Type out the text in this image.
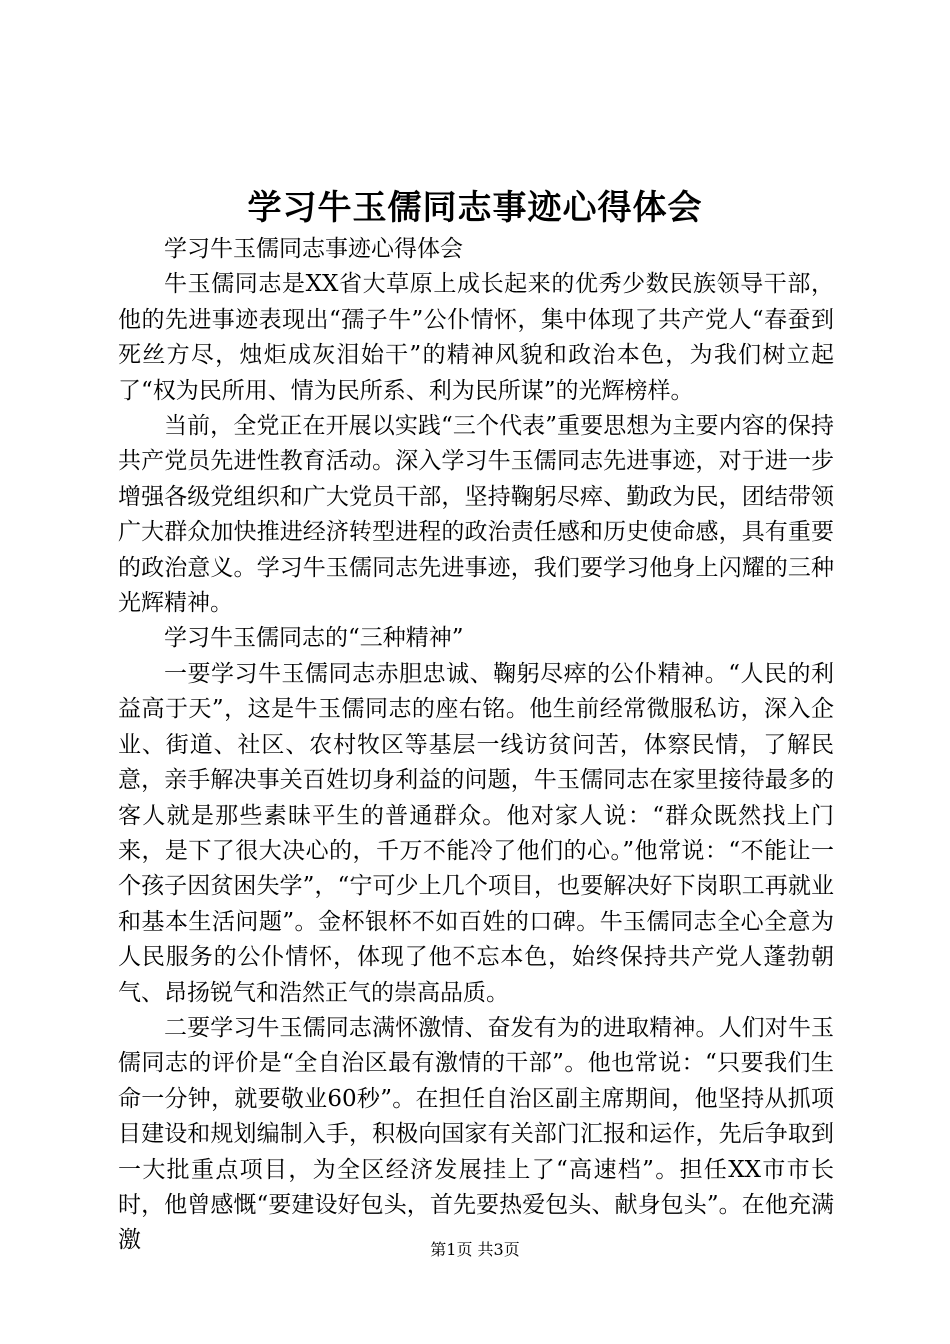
学习牛玉儒同志事迹心得体会

学习牛玉儒同志事迹心得体会

牛玉儒同志是XX省大草原上成长起来的优秀少数民族领导干部，他的先进事迹表现出“孺子牛”公仆情怀，集中体现了共产党人“春蚕到死丝方尽，烛炬成灰泪始干”的精神风貌和政治本色，为我们树立起了“权为民所用、情为民所系、利为民所谋”的光辉榜样。

当前，全党正在开展以实践“三个代表”重要思想为主要内容的保持共产党员先进性教育活动。深入学习牛玉儒同志先进事迹，对于进一步增强各级党组织和广大党员干部，坚持鞠躬尽瘁、勤政为民，团结带领广大群众加快推进经济转型进程的政治责任感和历史使命感，具有重要的政治意义。学习牛玉儒同志先进事迹，我们要学习他身上闪耀的三种光辉精神。

学习牛玉儒同志的“三种精神”

一要学习牛玉儒同志赤胆忠诚、鞠躬尽瘁的公仆精神。“人民的利益高于天”，这是牛玉儒同志的座右铭。他生前经常微服私访，深入企业、街道、社区、农村牧区等基层一线访贫问苦，体察民情，了解民意，亲手解决事关百姓切身利益的问题，牛玉儒同志在家里接待最多的客人就是那些素昧平生的普通群众。他对家人说：“群众既然找上门来，是下了很大决心的，千万不能冷了他们的心。”他常说：“不能让一个孩子因贫困失学”，“宁可少上几个项目，也要解决好下岗职工再就业和基本生活问题”。金杯银杯不如百姓的口碑。牛玉儒同志全心全意为人民服务的公仆情怀，体现了他不忘本色，始终保持共产党人蓬勃朝气、昂扬锐气和浩然正气的崇高品质。

二要学习牛玉儒同志满怀激情、奋发有为的进取精神。人们对牛玉儒同志的评价是“全自治区最有激情的干部”。他也常说：“只要我们生命一分钟，就要敬业60秒”。在担任自治区副主席期间，他坚持从抓项目建设和规划编制入手，积极向国家有关部门汇报和运作，先后争取到一大批重点项目，为全区经济发展挂上了“高速档”。担任XX市市长时，他曾感慨“要建设好包头，首先要热爱包头、献身包头”。在他充满激	第1页 共3页
